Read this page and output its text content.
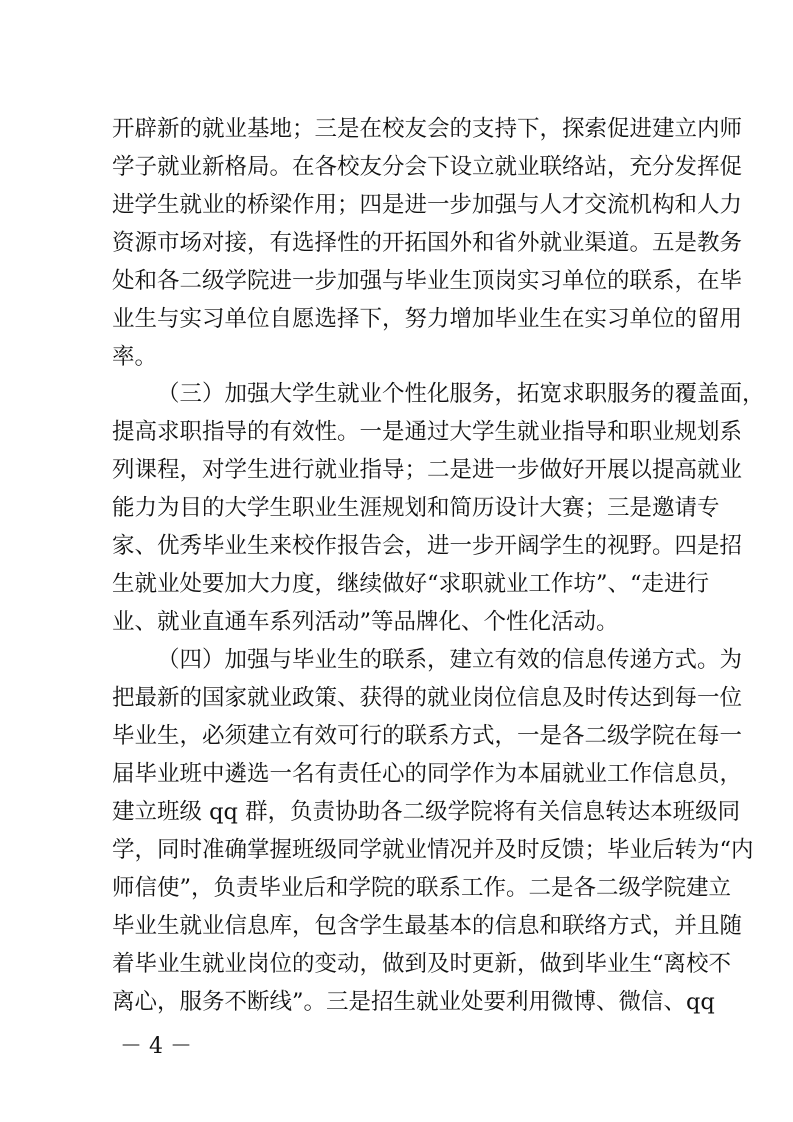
开辟新的就业基地；三是在校友会的支持下，探索促进建立内师
学子就业新格局。在各校友分会下设立就业联络站，充分发挥促
进学生就业的桥梁作用；四是进一步加强与人才交流机构和人力
资源市场对接，有选择性的开拓国外和省外就业渠道。五是教务
处和各二级学院进一步加强与毕业生顶岗实习单位的联系，在毕
业生与实习单位自愿选择下，努力增加毕业生在实习单位的留用
率。
（三）加强大学生就业个性化服务，拓宽求职服务的覆盖面，
提高求职指导的有效性。一是通过大学生就业指导和职业规划系
列课程，对学生进行就业指导；二是进一步做好开展以提高就业
能力为目的大学生职业生涯规划和简历设计大赛；三是邀请专
家、优秀毕业生来校作报告会，进一步开阔学生的视野。四是招
生就业处要加大力度，继续做好“求职就业工作坊”、“走进行
业、就业直通车系列活动”等品牌化、个性化活动。
（四）加强与毕业生的联系，建立有效的信息传递方式。为
把最新的国家就业政策、获得的就业岗位信息及时传达到每一位
毕业生，必须建立有效可行的联系方式，一是各二级学院在每一
届毕业班中遴选一名有责任心的同学作为本届就业工作信息员，
建立班级 qq 群，负责协助各二级学院将有关信息转达本班级同
学，同时准确掌握班级同学就业情况并及时反馈；毕业后转为“内
师信使”，负责毕业后和学院的联系工作。二是各二级学院建立
毕业生就业信息库，包含学生最基本的信息和联络方式，并且随
着毕业生就业岗位的变动，做到及时更新，做到毕业生“离校不
离心，服务不断线”。三是招生就业处要利用微博、微信、qq
－ 4 －
